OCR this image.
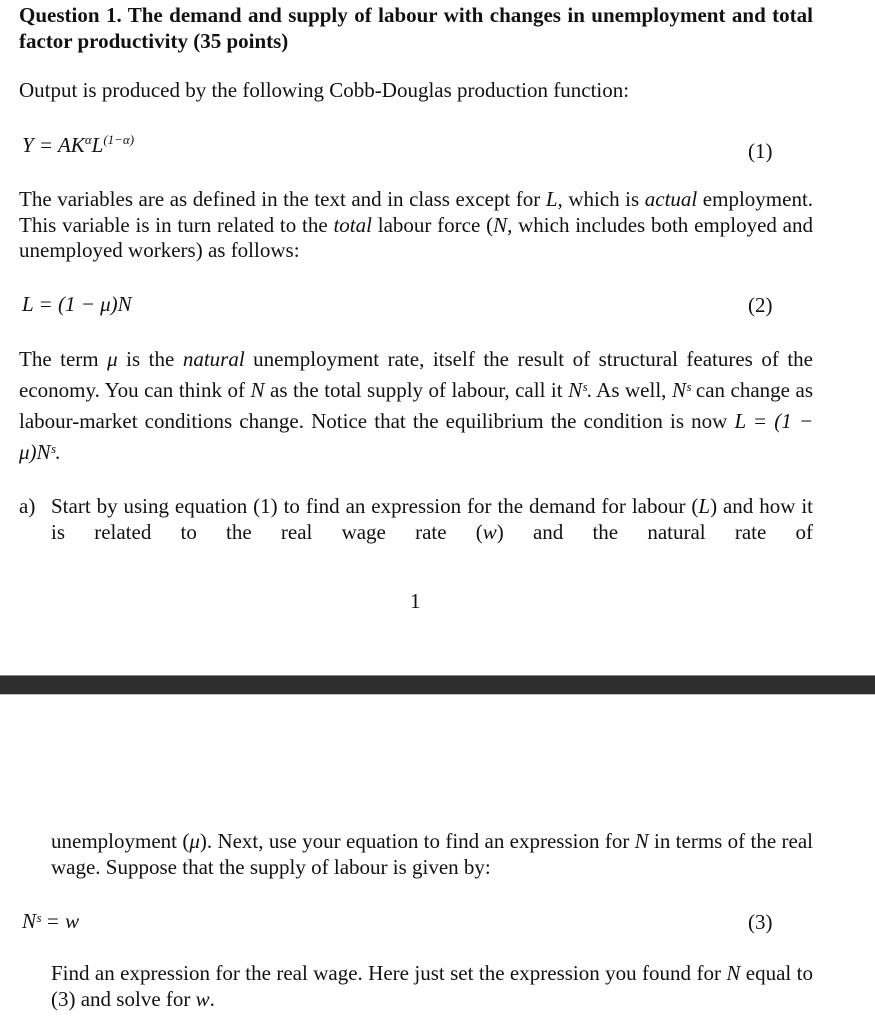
Question 1. The demand and supply of labour with changes in unemployment and total factor productivity (35 points)
Output is produced by the following Cobb-Douglas production function:
$Y = AK^\alpha L^{(1-\alpha)}$	(1)
The variables are as defined in the text and in class except for L, which is actual employment. This variable is in turn related to the total labour force (N, which includes both employed and unemployed workers) as follows:
L = (1 − μ)N	(2)
The term μ is the natural unemployment rate, itself the result of structural features of the economy. You can think of N as the total supply of labour, call it Nˢ. As well, Nˢ can change as labour-market conditions change. Notice that the equilibrium the condition is now L = (1 − μ)Nˢ.
a) Start by using equation (1) to find an expression for the demand for labour (L) and how it is related to the real wage rate (w) and the natural rate of
1
unemployment (μ). Next, use your equation to find an expression for N in terms of the real wage. Suppose that the supply of labour is given by:
Nˢ = w	(3)
Find an expression for the real wage. Here just set the expression you found for N equal to (3) and solve for w.
